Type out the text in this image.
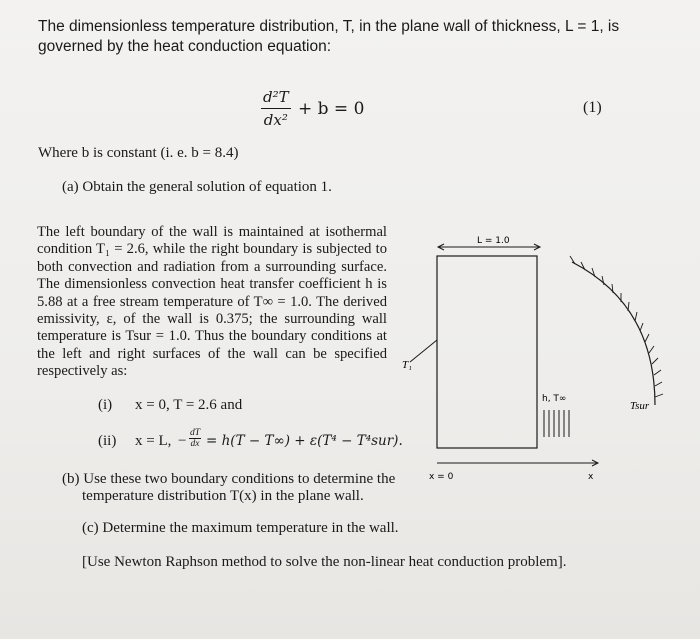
The dimensionless temperature distribution, T, in the plane wall of thickness, L = 1, is governed by the heat conduction equation:
$\frac{\text{d²T}}{\text{dx²}} + b = 0$	(1)
Where b is constant (i. e. b = 8.4)
(a) Obtain the general solution of equation 1.
The left boundary of the wall is maintained at isothermal condition T₁ = 2.6, while the right boundary is subjected to both convection and radiation from a surrounding surface. The dimensionless convection heat transfer coefficient h is 5.88 at a free stream temperature of T∞ = 1.0. The derived emissivity, ε, of the wall is 0.375; the surrounding wall temperature is Tsur = 1.0. Thus the boundary conditions at the left and right surfaces of the wall can be specified respectively as:
(i) x = 0, T = 2.6 and
(ii) x = L, − $\frac{dT}{dx} = h(T - T\infty) + \varepsilon(T^4 - T^4sur)$.
(b) Use these two boundary conditions to determine the
temperature distribution T(x) in the plane wall.
(c) Determine the maximum temperature in the wall.
[Use Newton Raphson method to solve the non-linear heat conduction problem].
L = 1.0
T₁
h, T∞
Tsur
x = 0	x
